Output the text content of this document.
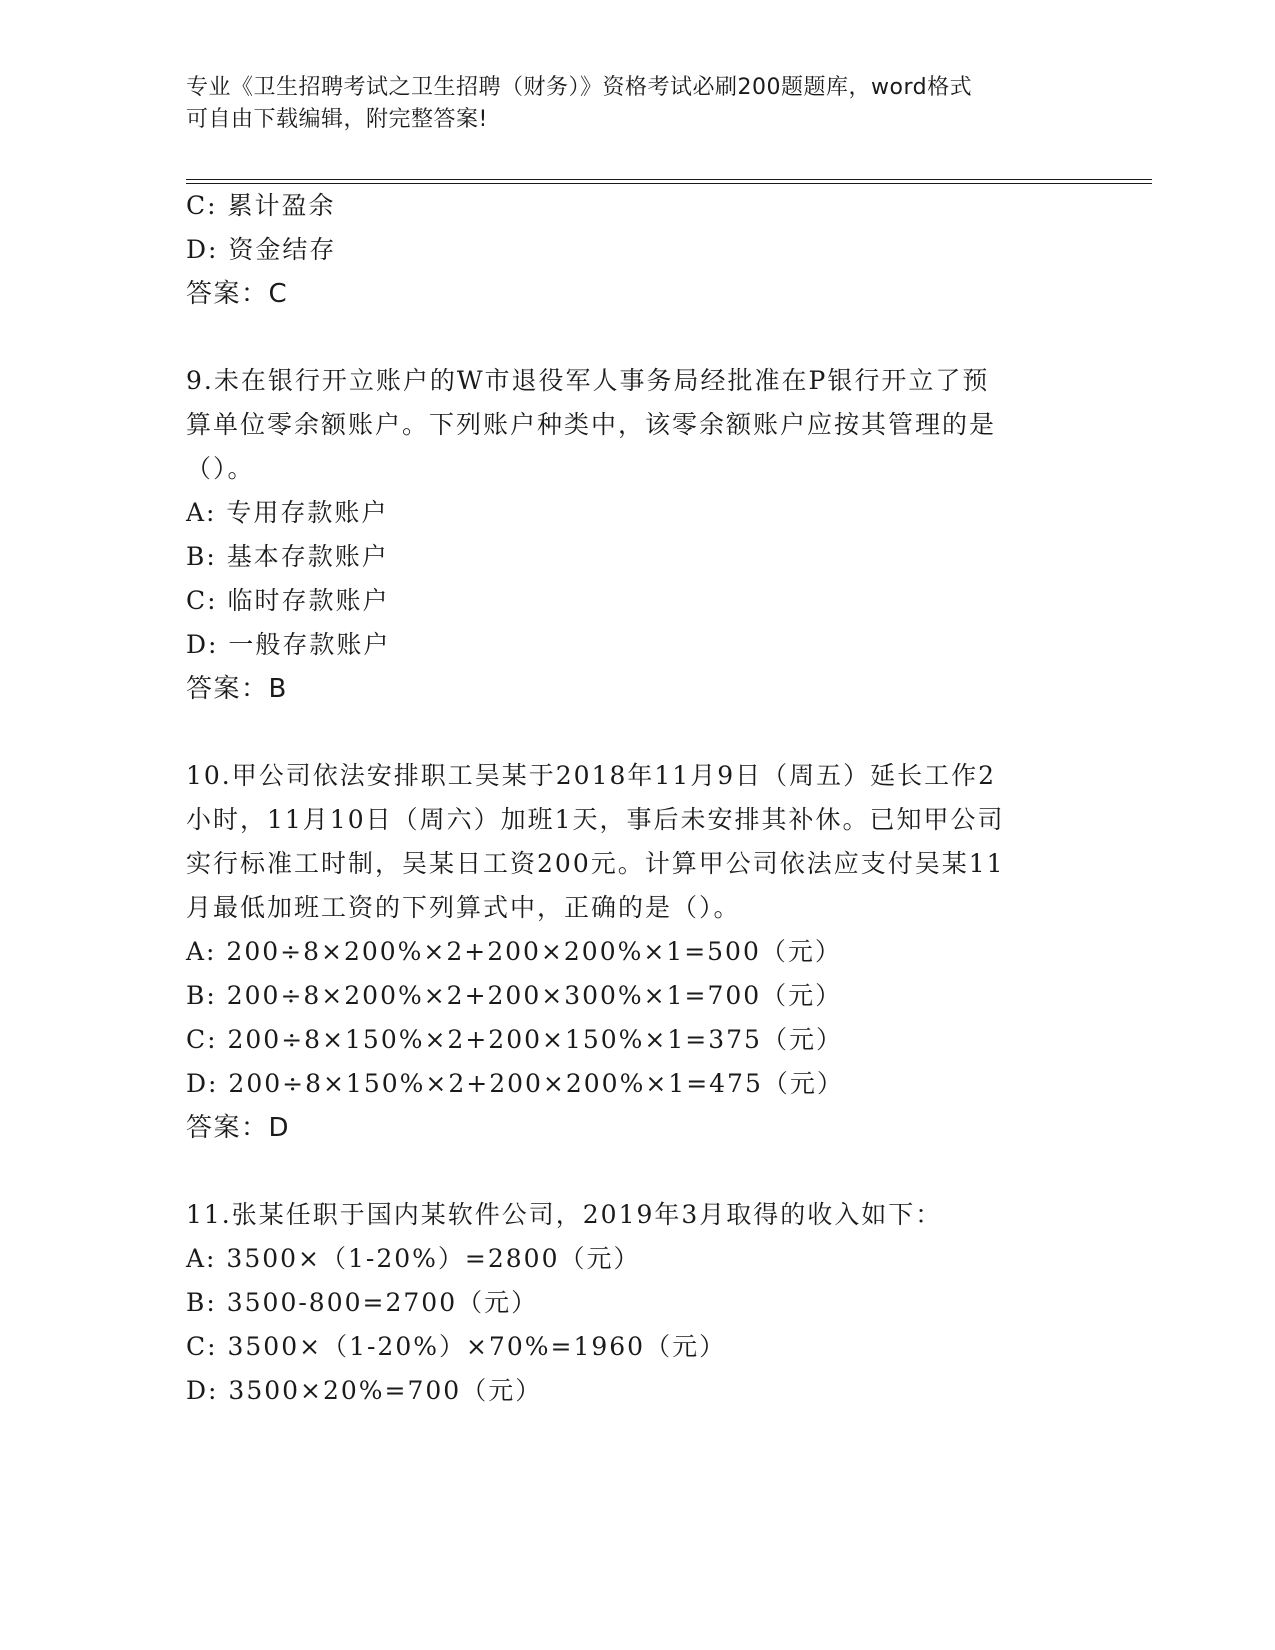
专业《卫生招聘考试之卫生招聘（财务）》资格考试必刷200题题库，word格式

可自由下载编辑，附完整答案!

C: 累计盈余
D: 资金结存
答案：C
9.未在银行开立账户的W市退役军人事务局经批准在P银行开立了预
算单位零余额账户。下列账户种类中，该零余额账户应按其管理的是
（）。
A: 专用存款账户
B: 基本存款账户
C: 临时存款账户
D: 一般存款账户
答案：B
10.甲公司依法安排职工吴某于2018年11月9日（周五）延长工作2
小时，11月10日（周六）加班1天，事后未安排其补休。已知甲公司
实行标准工时制，吴某日工资200元。计算甲公司依法应支付吴某11
月最低加班工资的下列算式中，正确的是（）。
A: 200÷8×200%×2+200×200%×1=500（元）
B: 200÷8×200%×2+200×300%×1=700（元）
C: 200÷8×150%×2+200×150%×1=375（元）
D: 200÷8×150%×2+200×200%×1=475（元）
答案：D
11.张某任职于国内某软件公司，2019年3月取得的收入如下：
A: 3500×（1-20%）=2800（元）
B: 3500-800=2700（元）
C: 3500×（1-20%）×70%=1960（元）
D: 3500×20%=700（元）
